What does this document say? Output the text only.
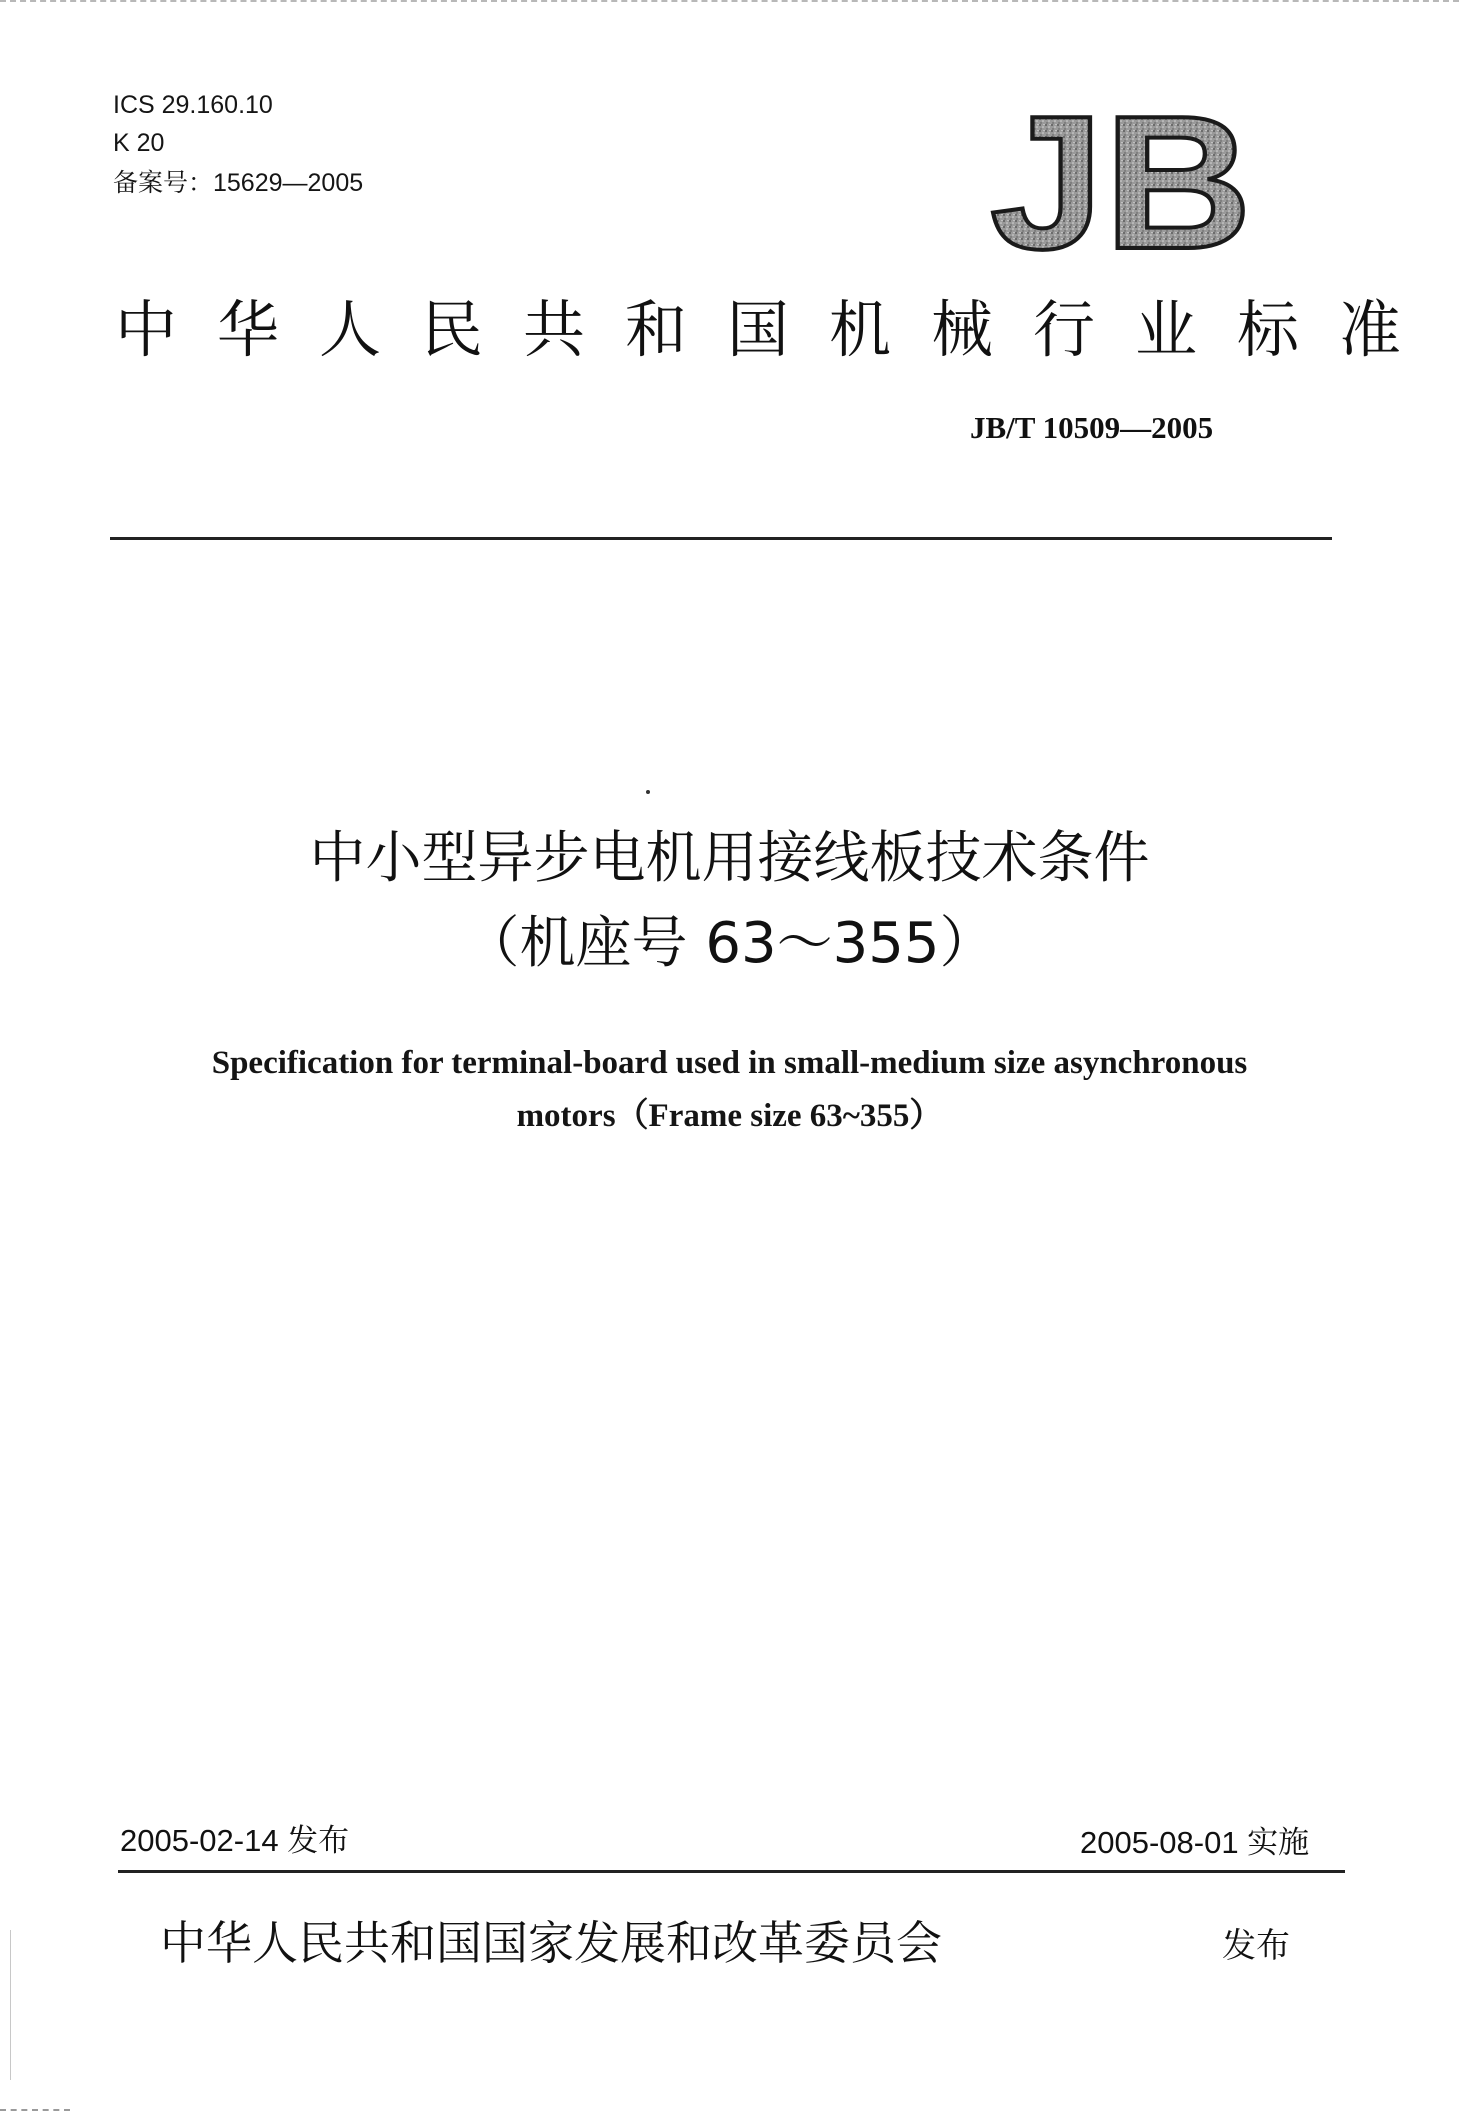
ICS 29.160.10
K 20
备案号：15629—2005	JB
中华人民共和国机械行业标准
JB/T 10509—2005
中小型异步电机用接线板技术条件
（机座号 63～355）
Specification for terminal-board used in small-medium size asynchronous
motors（Frame size 63~355）
2005-02-14 发布	2005-08-01 实施
中华人民共和国国家发展和改革委员会	发布
